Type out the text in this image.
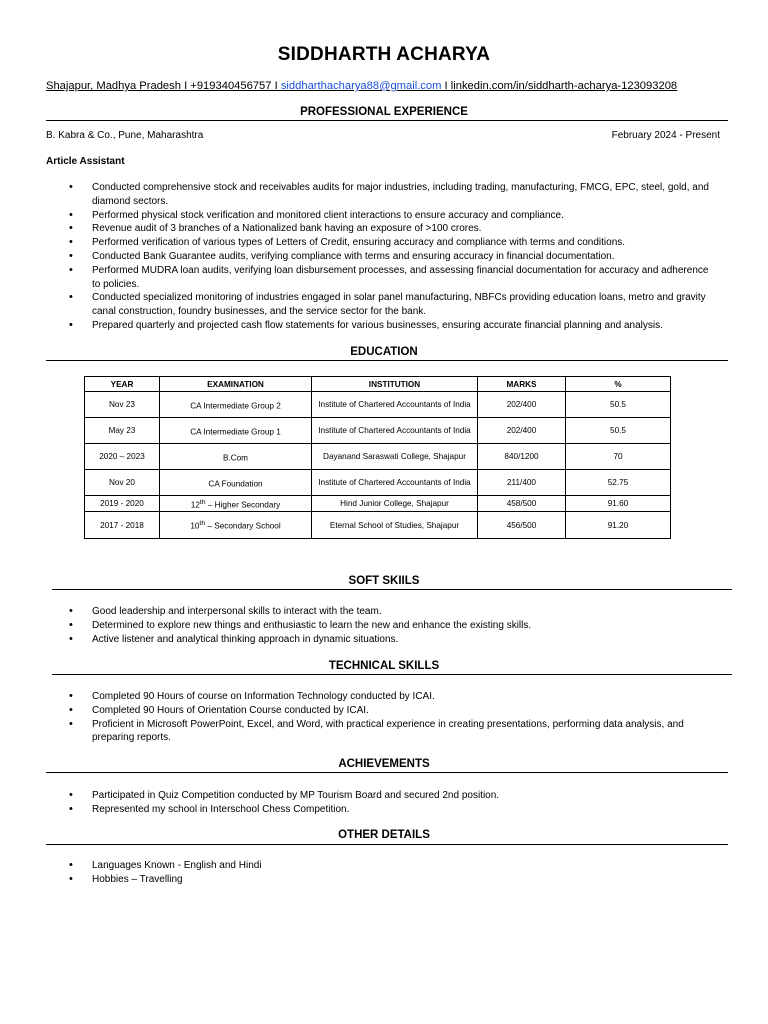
SIDDHARTH ACHARYA
Shajapur, Madhya Pradesh I +919340456757 I siddharthacharya88@gmail.com I linkedin.com/in/siddharth-acharya-123093208
PROFESSIONAL EXPERIENCE
B. Kabra & Co., Pune, Maharashtra	February 2024 - Present
Article Assistant
• Conducted comprehensive stock and receivables audits for major industries, including trading, manufacturing, FMCG, EPC, steel, gold, and diamond sectors.
• Performed physical stock verification and monitored client interactions to ensure accuracy and compliance.
• Revenue audit of 3 branches of a Nationalized bank having an exposure of >100 crores.
• Performed verification of various types of Letters of Credit, ensuring accuracy and compliance with terms and conditions.
• Conducted Bank Guarantee audits, verifying compliance with terms and ensuring accuracy in financial documentation.
• Performed MUDRA loan audits, verifying loan disbursement processes, and assessing financial documentation for accuracy and adherence to policies.
• Conducted specialized monitoring of industries engaged in solar panel manufacturing, NBFCs providing education loans, metro and gravity canal construction, foundry businesses, and the service sector for the bank.
• Prepared quarterly and projected cash flow statements for various businesses, ensuring accurate financial planning and analysis.
EDUCATION
YEAR	EXAMINATION	INSTITUTION	MARKS	%
Nov 23	CA Intermediate Group 2	Institute of Chartered Accountants of India	202/400	50.5
May 23	CA Intermediate Group 1	Institute of Chartered Accountants of India	202/400	50.5
2020 – 2023	B.Com	Dayanand Saraswati College, Shajapur	840/1200	70
Nov 20	CA Foundation	Institute of Chartered Accountants of India	211/400	52.75
2019 - 2020	12th – Higher Secondary	Hind Junior College, Shajapur	458/500	91.60
2017 - 2018	10th – Secondary School	Eternal School of Studies, Shajapur	456/500	91.20
SOFT SKIILS
• Good leadership and interpersonal skills to interact with the team.
• Determined to explore new things and enthusiastic to learn the new and enhance the existing skills.
• Active listener and analytical thinking approach in dynamic situations.
TECHNICAL SKILLS
• Completed 90 Hours of course on Information Technology conducted by ICAI.
• Completed 90 Hours of Orientation Course conducted by ICAI.
• Proficient in Microsoft PowerPoint, Excel, and Word, with practical experience in creating presentations, performing data analysis, and preparing reports.
ACHIEVEMENTS
• Participated in Quiz Competition conducted by MP Tourism Board and secured 2nd position.
• Represented my school in Interschool Chess Competition.
OTHER DETAILS
• Languages Known - English and Hindi
• Hobbies – Travelling
